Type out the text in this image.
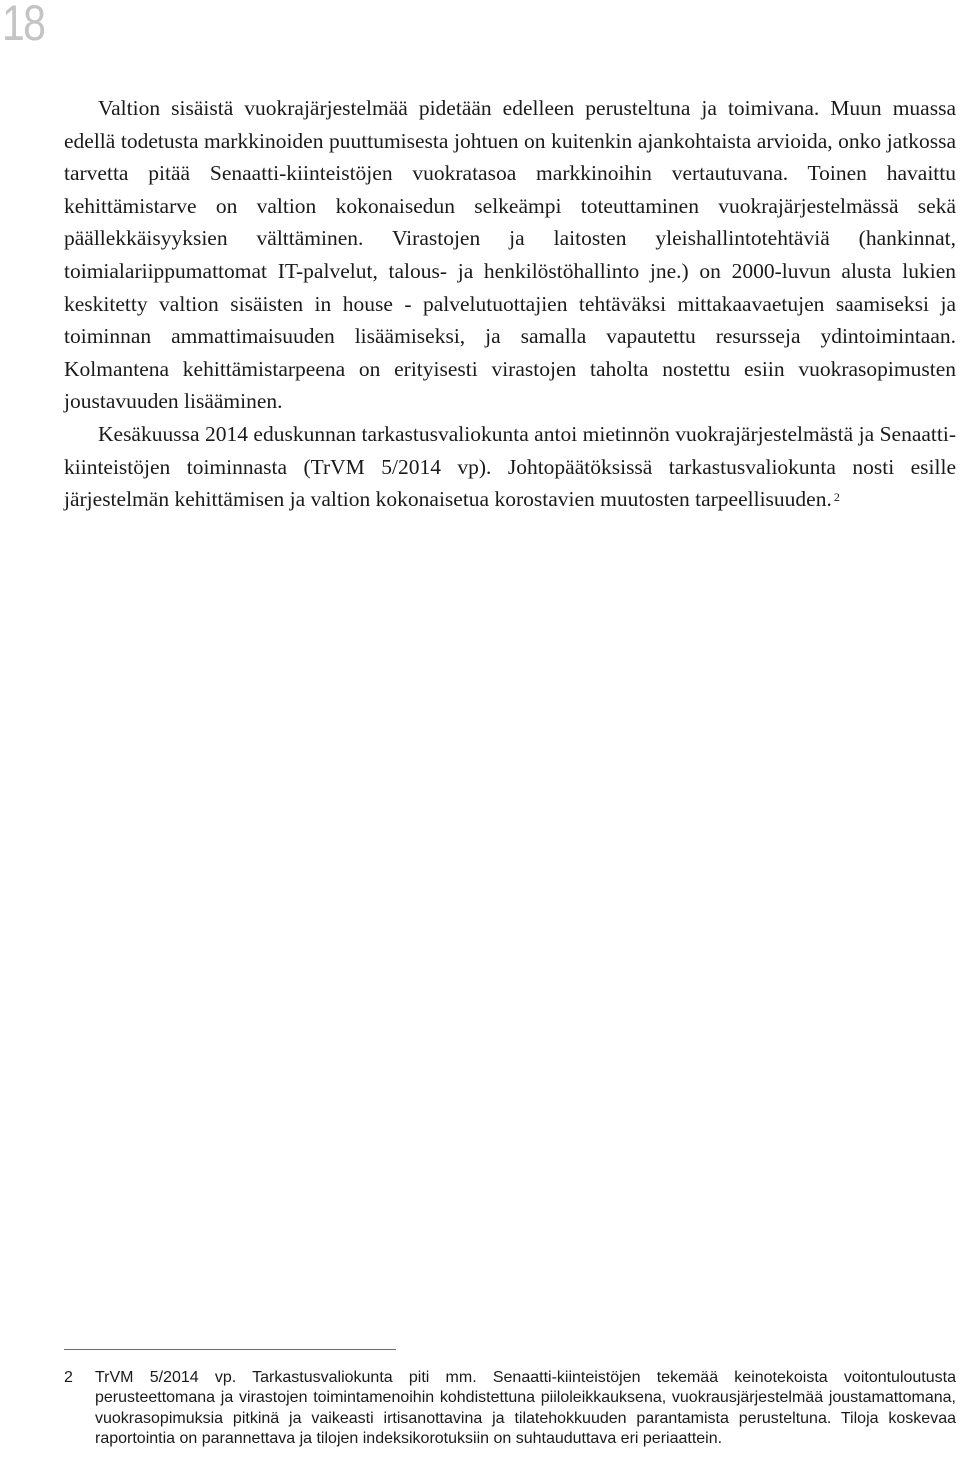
18

Valtion sisäistä vuokrajärjestelmää pidetään edelleen perusteltuna ja toimivana. Muun muassa edellä todetusta markkinoiden puuttumisesta johtuen on kuitenkin ajankohtaista arvioida, onko jatkossa tarvetta pitää Senaatti-kiinteistöjen vuokratasoa markkinoihin vertautuvana. Toinen havaittu kehittämistarve on valtion kokonaisedun selkeämpi toteuttaminen vuokrajärjestelmässä sekä päällekkäisyyksien välttäminen. Virastojen ja laitosten yleishallintotehtäviä (hankinnat, toimialariippumattomat IT-palvelut, talous- ja henkilöstöhallinto jne.) on 2000-luvun alusta lukien keskitetty valtion sisäisten in house - palvelutuottajien tehtäväksi mittakaavaetujen saamiseksi ja toiminnan ammattimaisuuden lisäämiseksi, ja samalla vapautettu resursseja ydintoimintaan. Kolmantena kehittämistarpeena on erityisesti virastojen taholta nostettu esiin vuokrasopimusten joustavuuden lisääminen.

Kesäkuussa 2014 eduskunnan tarkastusvaliokunta antoi mietinnön vuokrajärjestelmästä ja Senaatti-kiinteistöjen toiminnasta (TrVM 5/2014 vp). Johtopäätöksissä tarkastusvaliokunta nosti esille järjestelmän kehittämisen ja valtion kokonaisetua korostavien muutosten tarpeellisuuden. $^2$

2 TrVM 5/2014 vp. Tarkastusvaliokunta piti mm. Senaatti-kiinteistöjen tekemää keinotekoista voitontuloutusta perusteettomana ja virastojen toimintamenoihin kohdistettuna piiloleikkauksena, vuokrausjärjestelmää joustamattomana, vuokrasopimuksia pitkinä ja vaikeasti irtisanottavina ja tilatehokkuuden parantamista perusteltuna. Tiloja koskevaa raportointia on parannettava ja tilojen indeksikorotuksiin on suhtauduttava eri periaattein.
